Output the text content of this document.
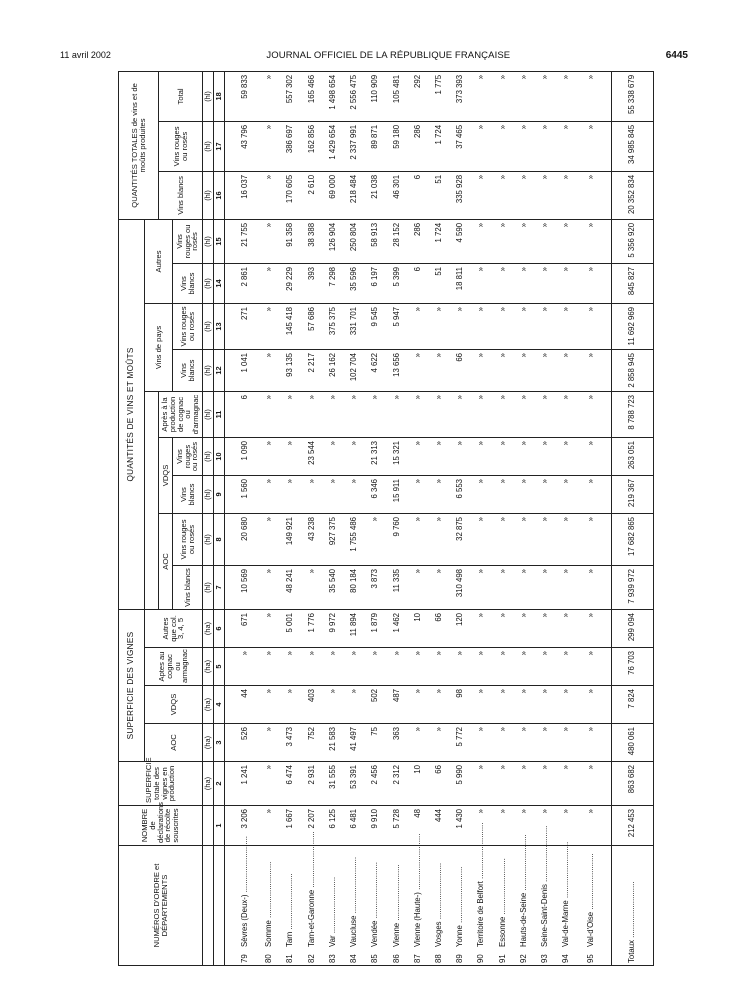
11 avril 2002	JOURNAL OFFICIEL DE LA RÉPUBLIQUE FRANÇAISE	6445
NUMÉROS D'ORDRE et DÉPARTEMENTS	NOMBRE de déclarations de récolte souscrites	SUPERFICIE totale des vignes en production	SUPERFICIE DES VIGNES				QUANTITÉS DE VINS ET MOÛTS									QUANTITÉS TOTALES de vins et de moûts produites		
			AOC	VDQS	Aptes au cognac ou armagnac	Autres que col. 3, 4, 5						Vins de pays		Autres				
							AOC		VDQS		Après à la production de cognac ou d'armagnac					Vins blancs	Vins rouges ou rosés	Total
							Vins blancs	Vins rouges ou rosés	Vins blancs	Vins rouges ou rosés		Vins blancs	Vins rouges ou rosés	Vins blancs	Vins rouges ou rosés			
		(ha)	(ha)	(ha)	(ha)	(ha)	(hl)	(hl)	(hl)	(hl)	(hl)	(hl)	(hl)	(hl)	(hl)	(hl)	(hl)	(hl)
	1	2	3	4	5	6	7	8	9	10	11	12	13	14	15	16	17	18
79Sèvres (Deux-) ..........................	3 206	1 241	526	44	»	671	10 569	20 680	1 560	1 090	6	1 041	271	2 861	21 755	16 037	43 796	59 833
80Somme ..........................	»	»	»	»	»	»	»	»	»	»	»	»	»	»	»	»	»	»
81Tarn ..........................	1 667	6 474	3 473	»	»	5 001	48 241	149 921	»	»	»	93 135	145 418	29 229	91 358	170 605	386 697	557 302
82Tarn-et-Garonne ..........................	2 207	2 931	752	403	»	1 776	»	43 238	»	23 544	»	2 217	57 686	393	38 388	2 610	162 856	165 466
83Var ..........................	6 125	31 555	21 583	»	»	9 972	35 540	927 375	»	»	»	26 162	375 375	7 298	126 904	69 000	1 429 654	1 498 654
84Vaucluse ..........................	6 481	53 391	41 497	»	»	11 894	80 184	1 755 486	»	»	»	102 704	331 701	35 596	250 804	218 484	2 337 991	2 556 475
85Vendée ..........................	9 910	2 456	75	502	»	1 879	3 873	»	6 346	21 313	»	4 622	9 545	6 197	58 913	21 038	89 871	110 909
86Vienne ..........................	5 728	2 312	363	487	»	1 462	11 335	9 760	15 911	15 321	»	13 656	5 947	5 399	28 152	46 301	59 180	105 481
87Vienne (Haute-) ..........................	48	10	»	»	»	10	»	»	»	»	»	»	»	6	286	6	286	292
88Vosges ..........................	444	66	»	»	»	66	»	»	»	»	»	»	»	51	1 724	51	1 724	1 775
89Yonne ..........................	1 430	5 990	5 772	98	»	120	310 498	32 875	6 553	»	»	66	»	18 811	4 590	335 928	37 465	373 393
90Territoire de Belfort ..........................	»	»	»	»	»	»	»	»	»	»	»	»	»	»	»	»	»	»
91Essonne ..........................	»	»	»	»	»	»	»	»	»	»	»	»	»	»	»	»	»	»
92Hauts-de-Seine ..........................	»	»	»	»	»	»	»	»	»	»	»	»	»	»	»	»	»	»
93Seine-Saint-Denis ..........................	»	»	»	»	»	»	»	»	»	»	»	»	»	»	»	»	»	»
94Val-de-Marne ..........................	»	»	»	»	»	»	»	»	»	»	»	»	»	»	»	»	»	»
95Val-d'Oise ..........................	»	»	»	»	»	»	»	»	»	»	»	»	»	»	»	»	»	»
Totaux ..........................	212 453	863 682	480 061	7 824	76 703	299 094	7 939 972	17 682 865	219 367	263 051	8 788 723	2 858 945	11 692 969	845 827	5 356 920	20 352 834	34 985 845	55 338 679
